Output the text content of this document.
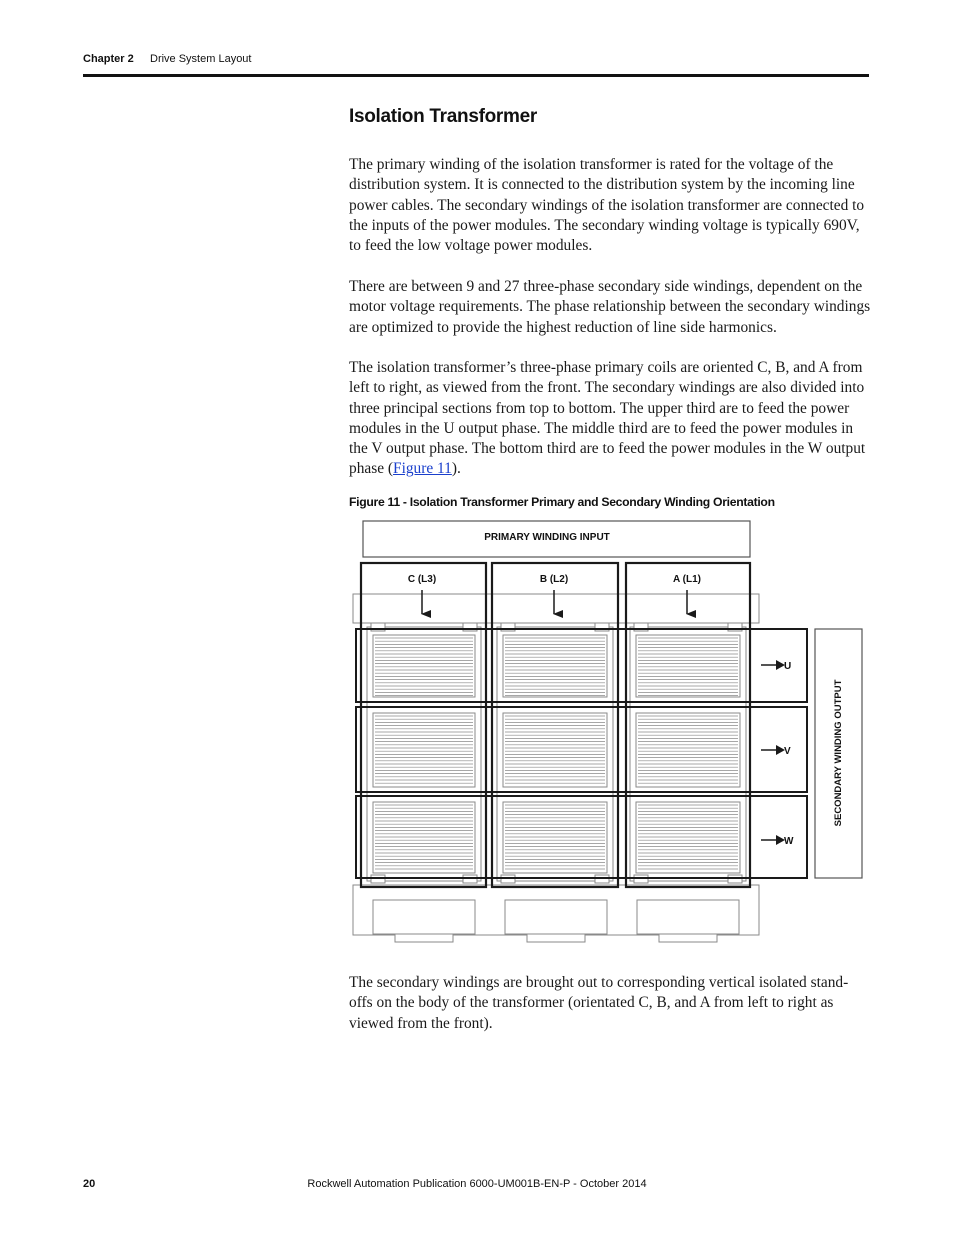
Chapter 2 Drive System Layout
Isolation Transformer

The primary winding of the isolation transformer is rated for the voltage of the distribution system. It is connected to the distribution system by the incoming line power cables. The secondary windings of the isolation transformer are connected to the inputs of the power modules. The secondary winding voltage is typically 690V, to feed the low voltage power modules.

There are between 9 and 27 three-phase secondary side windings, dependent on the motor voltage requirements. The phase relationship between the secondary windings are optimized to provide the highest reduction of line side harmonics.

The isolation transformer’s three-phase primary coils are oriented C, B, and A from left to right, as viewed from the front. The secondary windings are also divided into three principal sections from top to bottom. The upper third are to feed the power modules in the U output phase. The middle third are to feed the power modules in the V output phase. The bottom third are to feed the power modules in the W output phase (Figure 11).

Figure 11 - Isolation Transformer Primary and Secondary Winding Orientation

PRIMARY WINDING INPUT
C (L3)	B (L2)	A (L1)
U
V
W
SECONDARY WINDING OUTPUT

The secondary windings are brought out to corresponding vertical isolated stand-offs on the body of the transformer (orientated C, B, and A from left to right as viewed from the front).

20	Rockwell Automation Publication 6000-UM001B-EN-P - October 2014
